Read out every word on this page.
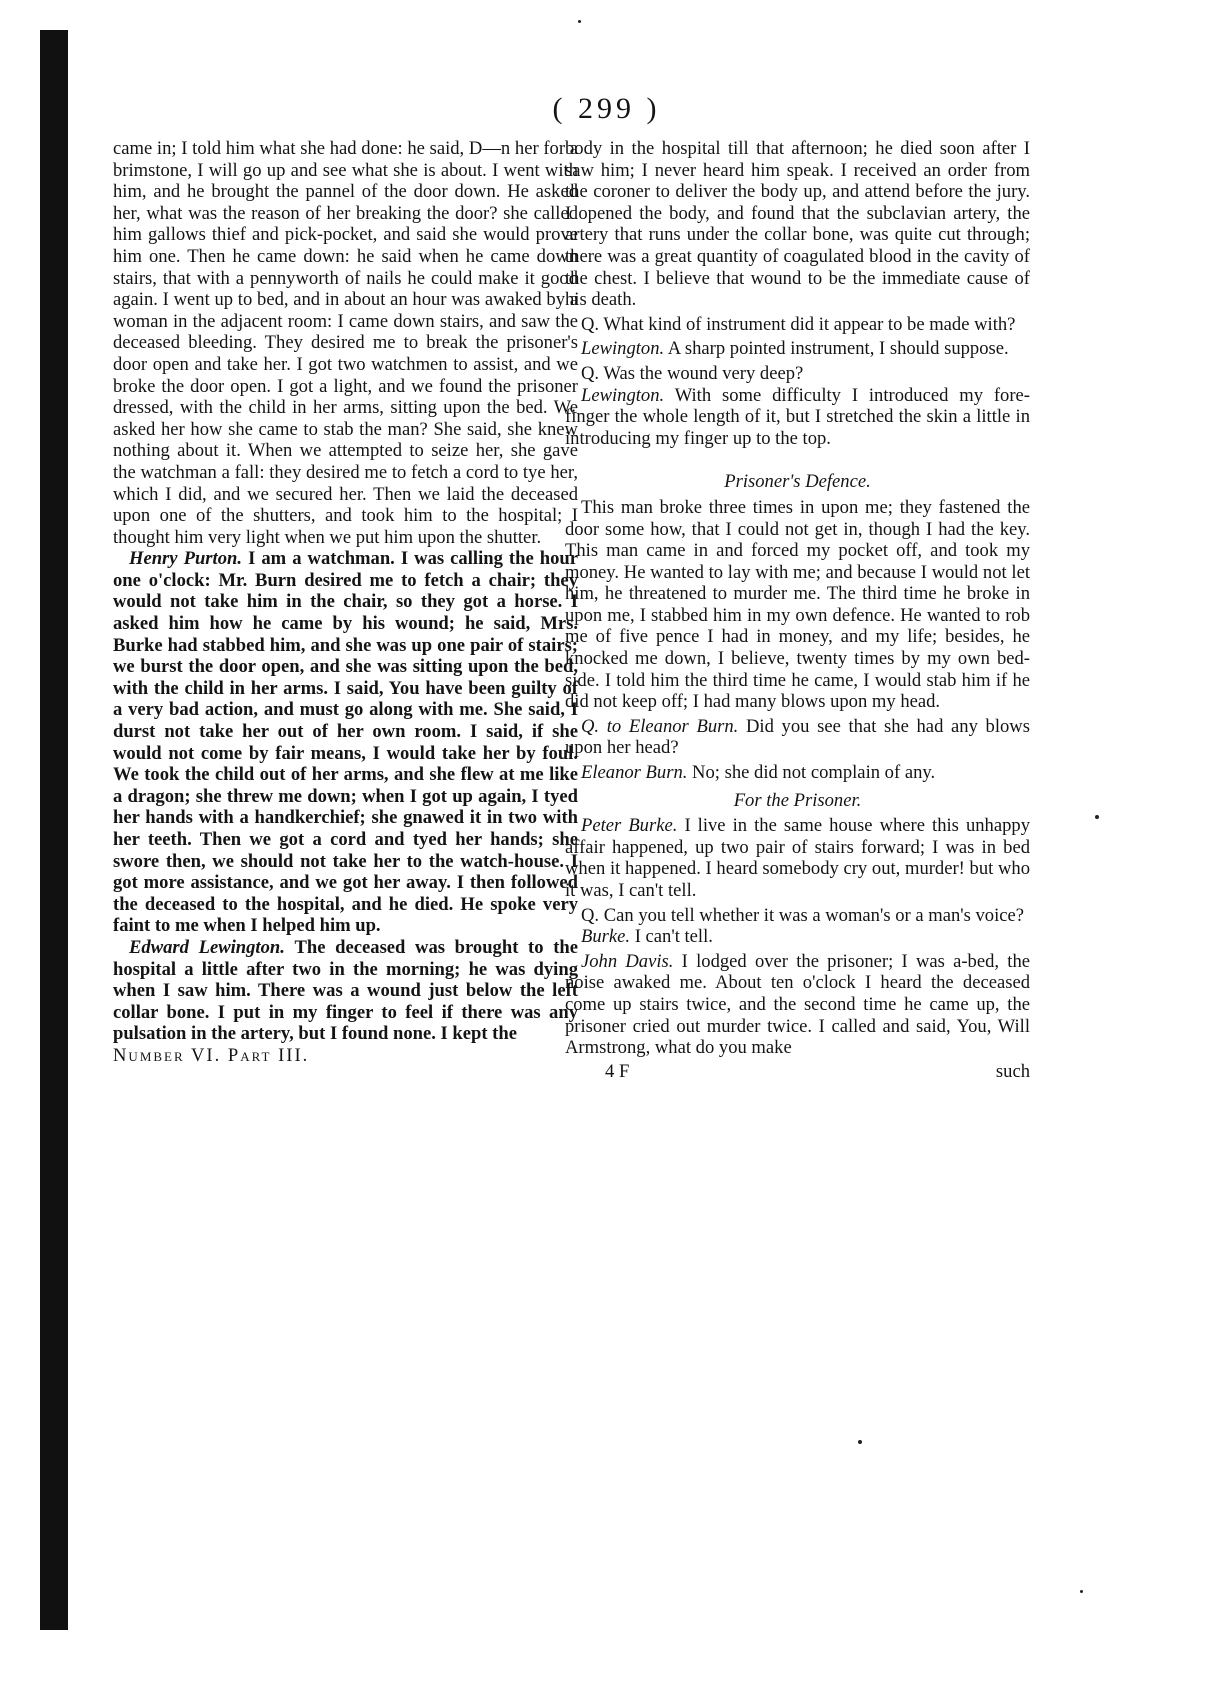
( 299 )

came in; I told him what she had done: he said, D—n her for a brimstone, I will go up and see what she is about. I went with him, and he brought the pannel of the door down. He asked her, what was the reason of her breaking the door? she called him gallows thief and pick-pocket, and said she would prove him one. Then he came down: he said when he came down stairs, that with a pennyworth of nails he could make it good again. I went up to bed, and in about an hour was awaked by a woman in the adjacent room: I came down stairs, and saw the deceased bleeding. They desired me to break the prisoner's door open and take her. I got two watchmen to assist, and we broke the door open. I got a light, and we found the prisoner dressed, with the child in her arms, sitting upon the bed. We asked her how she came to stab the man? She said, she knew nothing about it. When we attempted to seize her, she gave the watchman a fall: they desired me to fetch a cord to tye her, which I did, and we secured her. Then we laid the deceased upon one of the shutters, and took him to the hospital; I thought him very light when we put him upon the shutter.

Henry Purton. I am a watchman. I was calling the hour one o'clock: Mr. Burn desired me to fetch a chair; they would not take him in the chair, so they got a horse. I asked him how he came by his wound; he said, Mrs. Burke had stabbed him, and she was up one pair of stairs; we burst the door open, and she was sitting upon the bed, with the child in her arms. I said, You have been guilty of a very bad action, and must go along with me. She said, I durst not take her out of her own room. I said, if she would not come by fair means, I would take her by foul. We took the child out of her arms, and she flew at me like a dragon; she threw me down; when I got up again, I tyed her hands with a handkerchief; she gnawed it in two with her teeth. Then we got a cord and tyed her hands; she swore then, we should not take her to the watch-house. I got more assistance, and we got her away. I then followed the deceased to the hospital, and he died. He spoke very faint to me when I helped him up.

Edward Lewington. The deceased was brought to the hospital a little after two in the morning; he was dying when I saw him. There was a wound just below the left collar bone. I put in my finger to feel if there was any pulsation in the artery, but I found none. I kept the

Number VI. Part III.

body in the hospital till that afternoon; he died soon after I saw him; I never heard him speak. I received an order from the coroner to deliver the body up, and attend before the jury. I opened the body, and found that the subclavian artery, the artery that runs under the collar bone, was quite cut through; there was a great quantity of coagulated blood in the cavity of the chest. I believe that wound to be the immediate cause of his death.

Q. What kind of instrument did it appear to be made with?

Lewington. A sharp pointed instrument, I should suppose.

Q. Was the wound very deep?

Lewington. With some difficulty I introduced my fore-finger the whole length of it, but I stretched the skin a little in introducing my finger up to the top.

Prisoner's Defence.

This man broke three times in upon me; they fastened the door some how, that I could not get in, though I had the key. This man came in and forced my pocket off, and took my money. He wanted to lay with me; and because I would not let him, he threatened to murder me. The third time he broke in upon me, I stabbed him in my own defence. He wanted to rob me of five pence I had in money, and my life; besides, he knocked me down, I believe, twenty times by my own bed-side. I told him the third time he came, I would stab him if he did not keep off; I had many blows upon my head.

Q. to Eleanor Burn. Did you see that she had any blows upon her head?

Eleanor Burn. No; she did not complain of any.

For the Prisoner.

Peter Burke. I live in the same house where this unhappy affair happened, up two pair of stairs forward; I was in bed when it happened. I heard somebody cry out, murder! but who it was, I can't tell.

Q. Can you tell whether it was a woman's or a man's voice?

Burke. I can't tell.

John Davis. I lodged over the prisoner; I was a-bed, the noise awaked me. About ten o'clock I heard the deceased come up stairs twice, and the second time he came up, the prisoner cried out murder twice. I called and said, You, Will Armstrong, what do you make

4 F	such
